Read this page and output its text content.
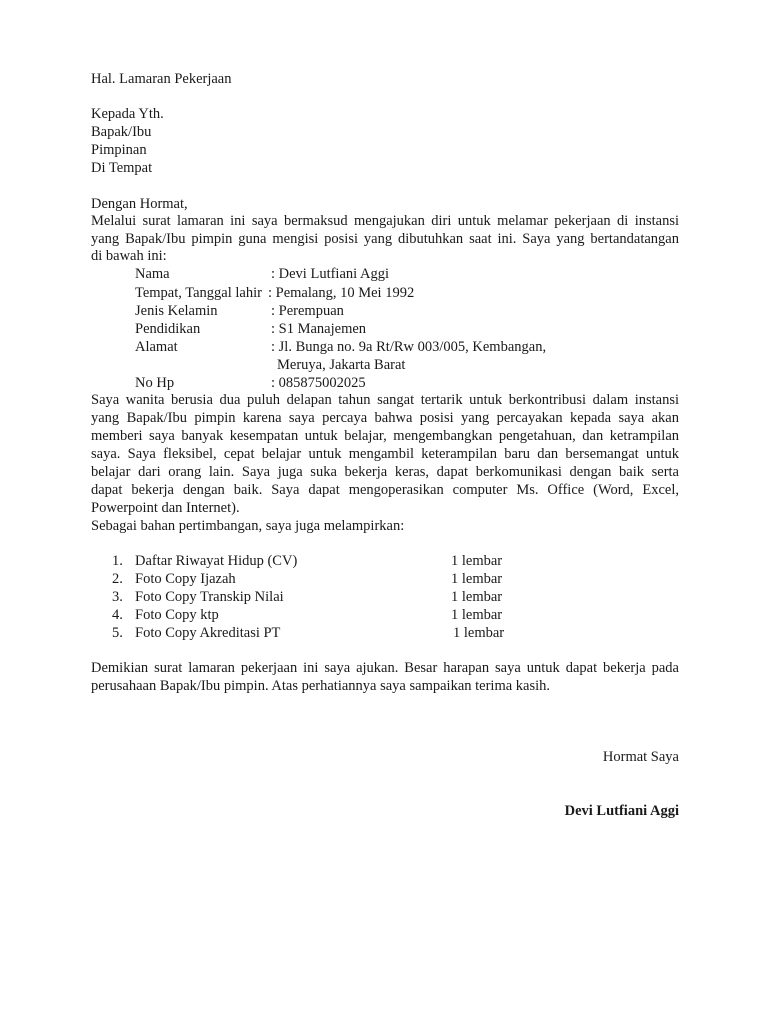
Hal. Lamaran Pekerjaan
Kepada Yth.
Bapak/Ibu
Pimpinan
Di Tempat
Dengan Hormat,
Melalui surat lamaran ini saya bermaksud mengajukan diri untuk melamar pekerjaan di instansi
yang Bapak/Ibu pimpin guna mengisi posisi yang dibutuhkan saat ini. Saya yang bertandatangan
di bawah ini:
Nama	: Devi Lutfiani Aggi
Tempat, Tanggal lahir : Pemalang, 10 Mei 1992
Jenis Kelamin	: Perempuan
Pendidikan	: S1 Manajemen
Alamat	: Jl. Bunga no. 9a Rt/Rw 003/005, Kembangan,
Meruya, Jakarta Barat
No Hp	: 085875002025
Saya wanita berusia dua puluh delapan tahun sangat tertarik untuk berkontribusi dalam instansi
yang Bapak/Ibu pimpin karena saya percaya bahwa posisi yang percayakan kepada saya akan
memberi saya banyak kesempatan untuk belajar, mengembangkan pengetahuan, dan ketrampilan
saya. Saya fleksibel, cepat belajar untuk mengambil keterampilan baru dan bersemangat untuk
belajar dari orang lain. Saya juga suka bekerja keras, dapat berkomunikasi dengan baik serta
dapat bekerja dengan baik. Saya dapat mengoperasikan computer Ms. Office (Word, Excel,
Powerpoint dan Internet).
Sebagai bahan pertimbangan, saya juga melampirkan:
1. Daftar Riwayat Hidup (CV)	1 lembar
2. Foto Copy Ijazah	1 lembar
3. Foto Copy Transkip Nilai	1 lembar
4. Foto Copy ktp	1 lembar
5. Foto Copy Akreditasi PT	1 lembar
Demikian surat lamaran pekerjaan ini saya ajukan. Besar harapan saya untuk dapat bekerja pada
perusahaan Bapak/Ibu pimpin. Atas perhatiannya saya sampaikan terima kasih.
Hormat Saya
Devi Lutfiani Aggi
